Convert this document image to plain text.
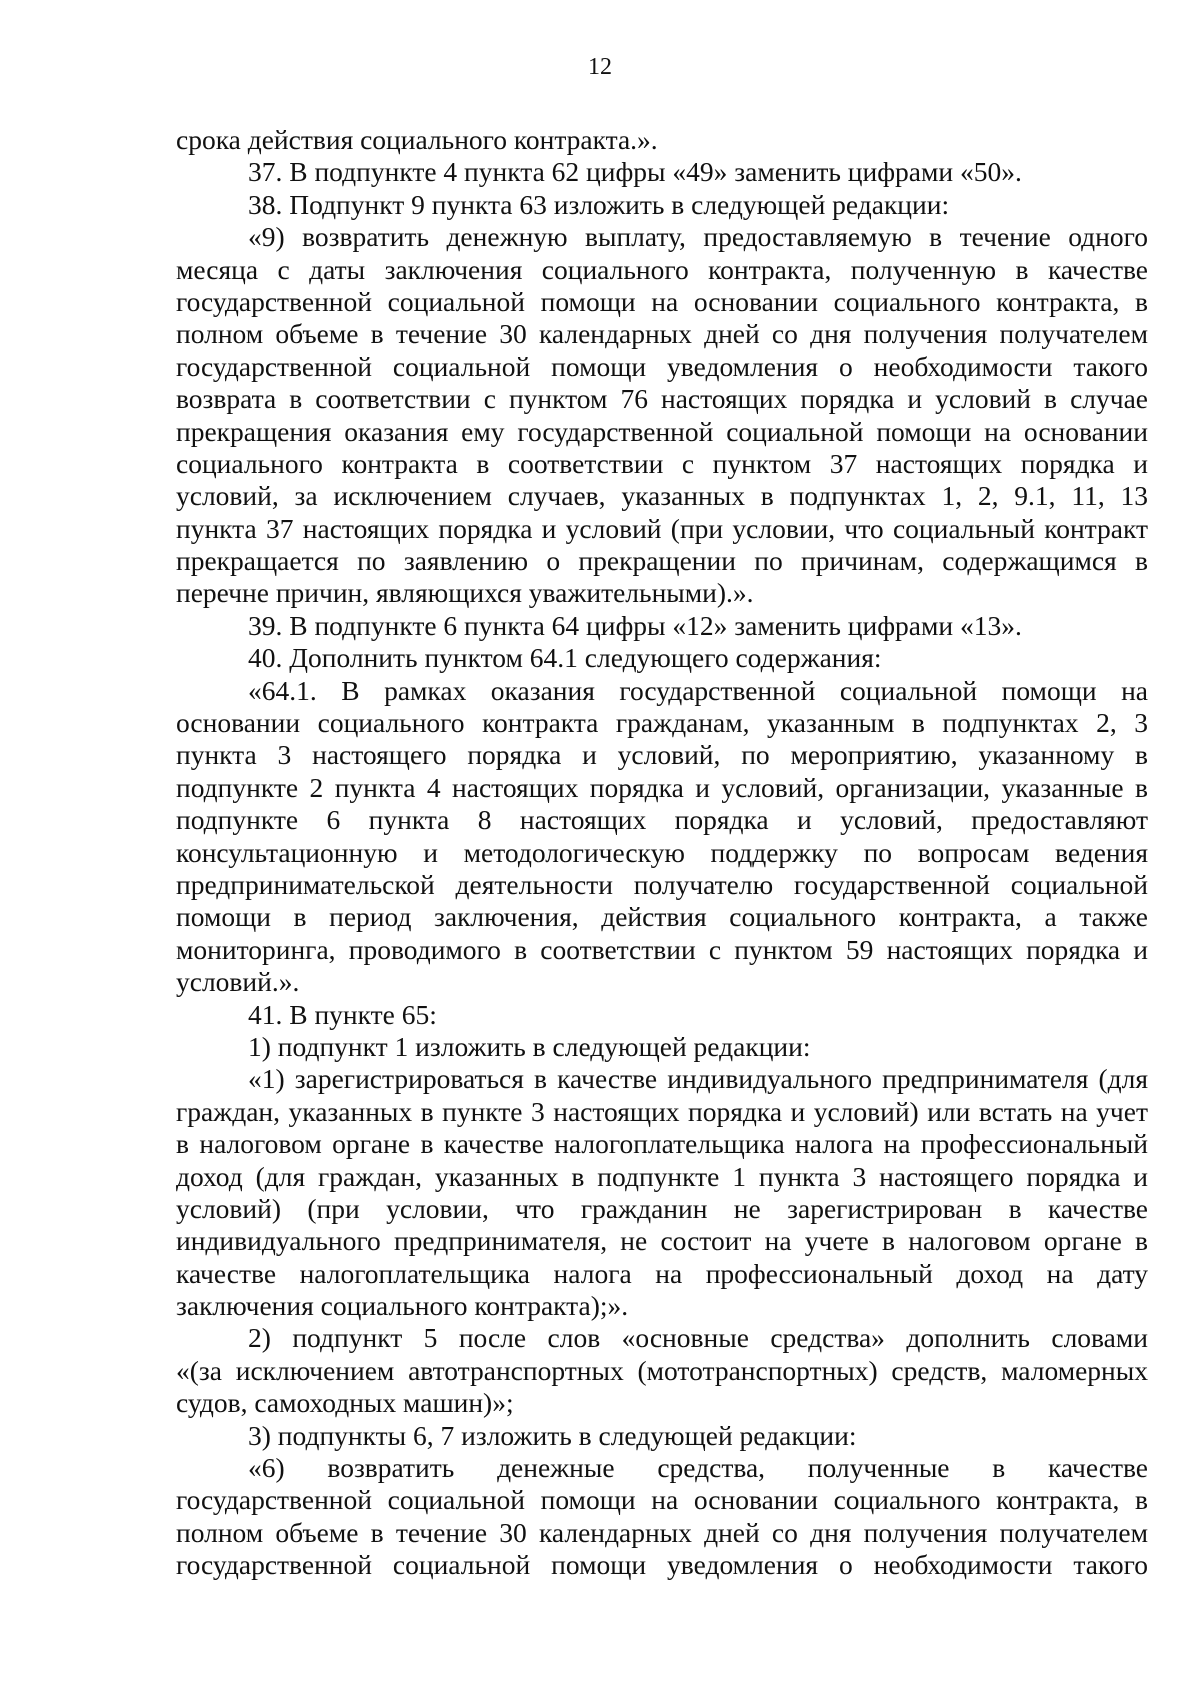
12
срока действия социального контракта.».
37. В подпункте 4 пункта 62 цифры «49» заменить цифрами «50».
38. Подпункт 9 пункта 63 изложить в следующей редакции:
«9) возвратить денежную выплату, предоставляемую в течение одного
месяца с даты заключения социального контракта, полученную в качестве
государственной социальной помощи на основании социального контракта, в
полном объеме в течение 30 календарных дней со дня получения получателем
государственной социальной помощи уведомления о необходимости такого
возврата в соответствии с пунктом 76 настоящих порядка и условий в случае
прекращения оказания ему государственной социальной помощи на основании
социального контракта в соответствии с пунктом 37 настоящих порядка и
условий, за исключением случаев, указанных в подпунктах 1, 2, 9.1, 11, 13
пункта 37 настоящих порядка и условий (при условии, что социальный контракт
прекращается по заявлению о прекращении по причинам, содержащимся в
перечне причин, являющихся уважительными).».
39. В подпункте 6 пункта 64 цифры «12» заменить цифрами «13».
40. Дополнить пунктом 64.1 следующего содержания:
«64.1. В рамках оказания государственной социальной помощи на
основании социального контракта гражданам, указанным в подпунктах 2, 3
пункта 3 настоящего порядка и условий, по мероприятию, указанному в
подпункте 2 пункта 4 настоящих порядка и условий, организации, указанные в
подпункте 6 пункта 8 настоящих порядка и условий, предоставляют
консультационную и методологическую поддержку по вопросам ведения
предпринимательской деятельности получателю государственной социальной
помощи в период заключения, действия социального контракта, а также
мониторинга, проводимого в соответствии с пунктом 59 настоящих порядка и
условий.».
41. В пункте 65:
1) подпункт 1 изложить в следующей редакции:
«1) зарегистрироваться в качестве индивидуального предпринимателя (для
граждан, указанных в пункте 3 настоящих порядка и условий) или встать на учет
в налоговом органе в качестве налогоплательщика налога на профессиональный
доход (для граждан, указанных в подпункте 1 пункта 3 настоящего порядка и
условий) (при условии, что гражданин не зарегистрирован в качестве
индивидуального предпринимателя, не состоит на учете в налоговом органе в
качестве налогоплательщика налога на профессиональный доход на дату
заключения социального контракта);».
2) подпункт 5 после слов «основные средства» дополнить словами
«(за исключением автотранспортных (мототранспортных) средств, маломерных
судов, самоходных машин)»;
3) подпункты 6, 7 изложить в следующей редакции:
«6) возвратить денежные средства, полученные в качестве
государственной социальной помощи на основании социального контракта, в
полном объеме в течение 30 календарных дней со дня получения получателем
государственной социальной помощи уведомления о необходимости такого
